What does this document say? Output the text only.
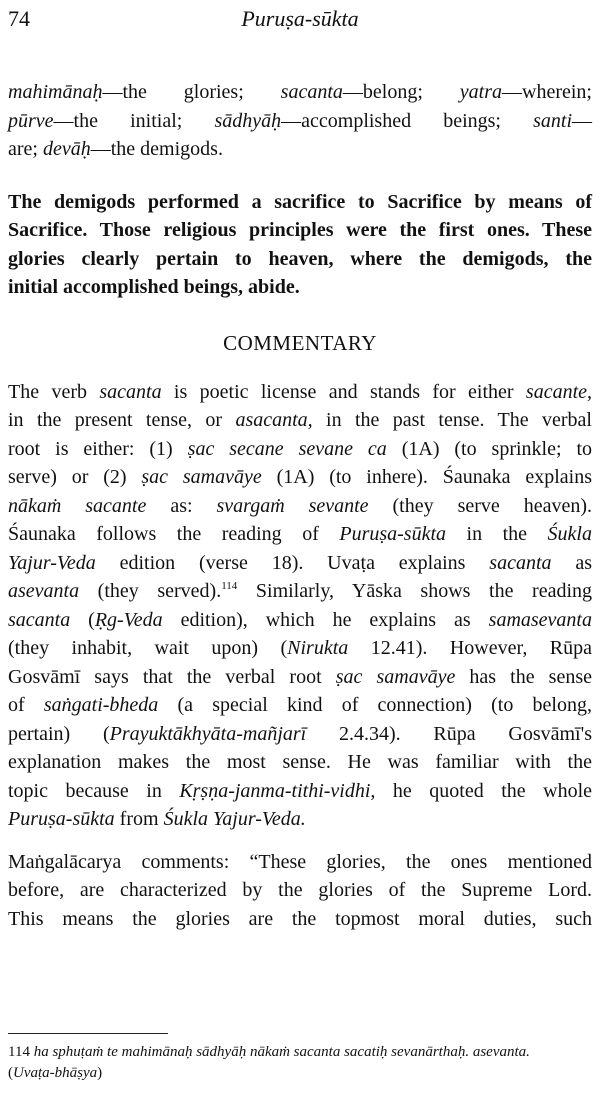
74	Puruṣa-sūkta
mahimānaḥ—the glories; sacanta—belong; yatra—wherein;
pūrve—the initial; sādhyāḥ—accomplished beings; santi—
are; devāḥ—the demigods.
The demigods performed a sacrifice to Sacrifice by means of
Sacrifice. Those religious principles were the first ones. These
glories clearly pertain to heaven, where the demigods, the
initial accomplished beings, abide.
COMMENTARY
The verb sacanta is poetic license and stands for either sacante,
in the present tense, or asacanta, in the past tense. The verbal
root is either: (1) ṣac secane sevane ca (1A) (to sprinkle; to
serve) or (2) ṣac samavāye (1A) (to inhere). Śaunaka explains
nākaṁ sacante as: svargaṁ sevante (they serve heaven).
Śaunaka follows the reading of Puruṣa-sūkta in the Śukla
Yajur-Veda edition (verse 18). Uvaṭa explains sacanta as
asevanta (they served).$^{114}$ Similarly, Yāska shows the reading
sacanta (Ṛg-Veda edition), which he explains as samasevanta
(they inhabit, wait upon) (Nirukta 12.41). However, Rūpa
Gosvāmī says that the verbal root ṣac samavāye has the sense
of saṅgati-bheda (a special kind of connection) (to belong,
pertain) (Prayuktākhyāta-mañjarī 2.4.34). Rūpa Gosvāmī's
explanation makes the most sense. He was familiar with the
topic because in Kṛṣṇa-janma-tithi-vidhi, he quoted the whole
Puruṣa-sūkta from Śukla Yajur-Veda.
Maṅgalācarya comments: “These glories, the ones mentioned
before, are characterized by the glories of the Supreme Lord.
This means the glories are the topmost moral duties, such
114 ha sphuṭaṁ te mahimānaḥ sādhyāḥ nākaṁ sacanta sacatiḥ sevanārthaḥ. asevanta.
(Uvaṭa-bhāṣya)
